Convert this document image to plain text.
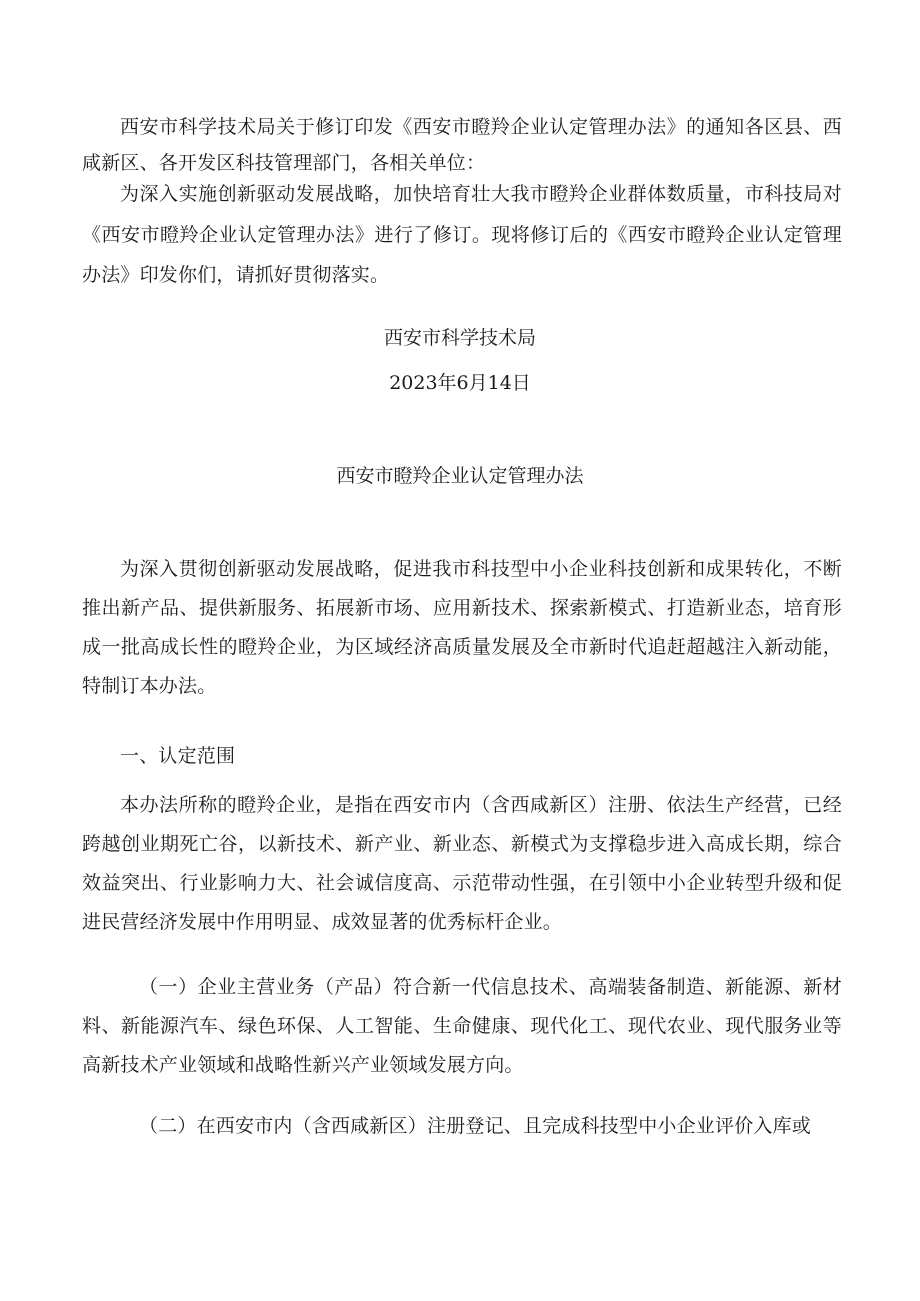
西安市科学技术局关于修订印发《西安市瞪羚企业认定管理办法》的通知各区县、西咸新区、各开发区科技管理部门，各相关单位：

为深入实施创新驱动发展战略，加快培育壮大我市瞪羚企业群体数质量，市科技局对《西安市瞪羚企业认定管理办法》进行了修订。现将修订后的《西安市瞪羚企业认定管理办法》印发你们，请抓好贯彻落实。

西安市科学技术局

2023年6月14日

西安市瞪羚企业认定管理办法

为深入贯彻创新驱动发展战略，促进我市科技型中小企业科技创新和成果转化，不断推出新产品、提供新服务、拓展新市场、应用新技术、探索新模式、打造新业态，培育形成一批高成长性的瞪羚企业，为区域经济高质量发展及全市新时代追赶超越注入新动能，特制订本办法。

一、认定范围

本办法所称的瞪羚企业，是指在西安市内（含西咸新区）注册、依法生产经营，已经跨越创业期死亡谷，以新技术、新产业、新业态、新模式为支撑稳步进入高成长期，综合效益突出、行业影响力大、社会诚信度高、示范带动性强，在引领中小企业转型升级和促进民营经济发展中作用明显、成效显著的优秀标杆企业。

（一）企业主营业务（产品）符合新一代信息技术、高端装备制造、新能源、新材料、新能源汽车、绿色环保、人工智能、生命健康、现代化工、现代农业、现代服务业等高新技术产业领域和战略性新兴产业领域发展方向。

（二）在西安市内（含西咸新区）注册登记、且完成科技型中小企业评价入库或
